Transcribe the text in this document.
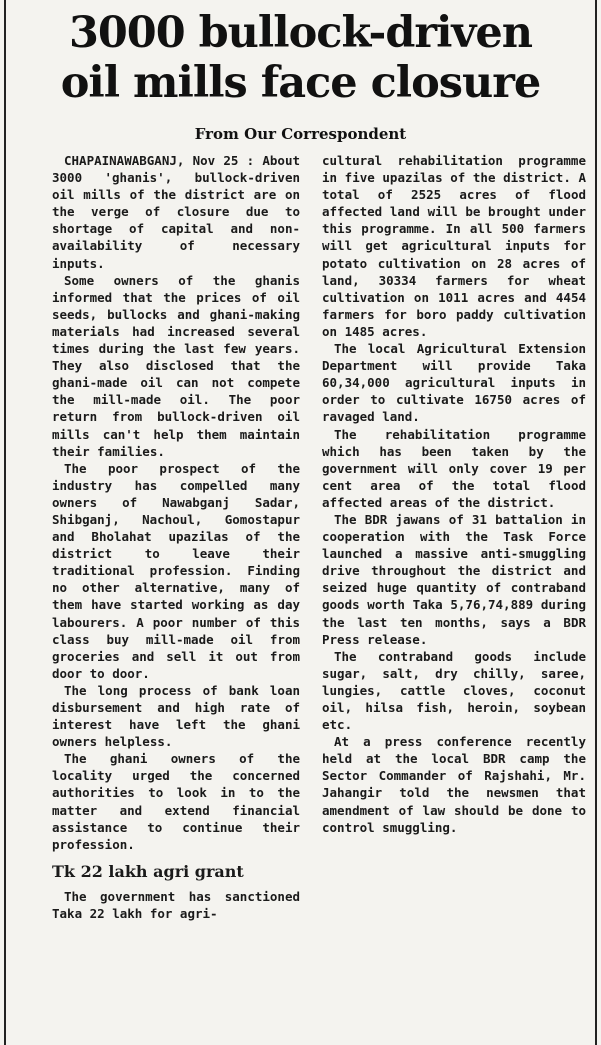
3000 bullock-driven
oil mills face closure
From Our Correspondent

CHAPAINAWABGANJ, Nov 25 : About 3000 'ghanis', bullock-driven oil mills of the district are on the verge of closure due to shortage of capital and non-availability of necessary inputs.

Some owners of the ghanis informed that the prices of oil seeds, bullocks and ghani-making materials had increased several times during the last few years. They also disclosed that the ghani-made oil can not compete the mill-made oil. The poor return from bullock-driven oil mills can't help them maintain their families.

The poor prospect of the industry has compelled many owners of Nawabganj Sadar, Shibganj, Nachoul, Gomostapur and Bholahat upazilas of the district to leave their traditional profession. Finding no other alternative, many of them have started working as day labourers. A poor number of this class buy mill-made oil from groceries and sell it out from door to door.

The long process of bank loan disbursement and high rate of interest have left the ghani owners helpless.

The ghani owners of the locality urged the concerned authorities to look in to the matter and extend financial assistance to continue their profession.

Tk 22 lakh agri grant

The government has sanctioned Taka 22 lakh for agri-

cultural rehabilitation programme in five upazilas of the district. A total of 2525 acres of flood affected land will be brought under this programme. In all 500 farmers will get agricultural inputs for potato cultivation on 28 acres of land, 30334 farmers for wheat cultivation on 1011 acres and 4454 farmers for boro paddy cultivation on 1485 acres.

The local Agricultural Extension Department will provide Taka 60,34,000 agricultural inputs in order to cultivate 16750 acres of ravaged land.

The rehabilitation programme which has been taken by the government will only cover 19 per cent area of the total flood affected areas of the district.

The BDR jawans of 31 battalion in cooperation with the Task Force launched a massive anti-smuggling drive throughout the district and seized huge quantity of contraband goods worth Taka 5,76,74,889 during the last ten months, says a BDR Press release.

The contraband goods include sugar, salt, dry chilly, saree, lungies, cattle cloves, coconut oil, hilsa fish, heroin, soybean etc.

At a press conference recently held at the local BDR camp the Sector Commander of Rajshahi, Mr. Jahangir told the newsmen that amendment of law should be done to control smuggling.
